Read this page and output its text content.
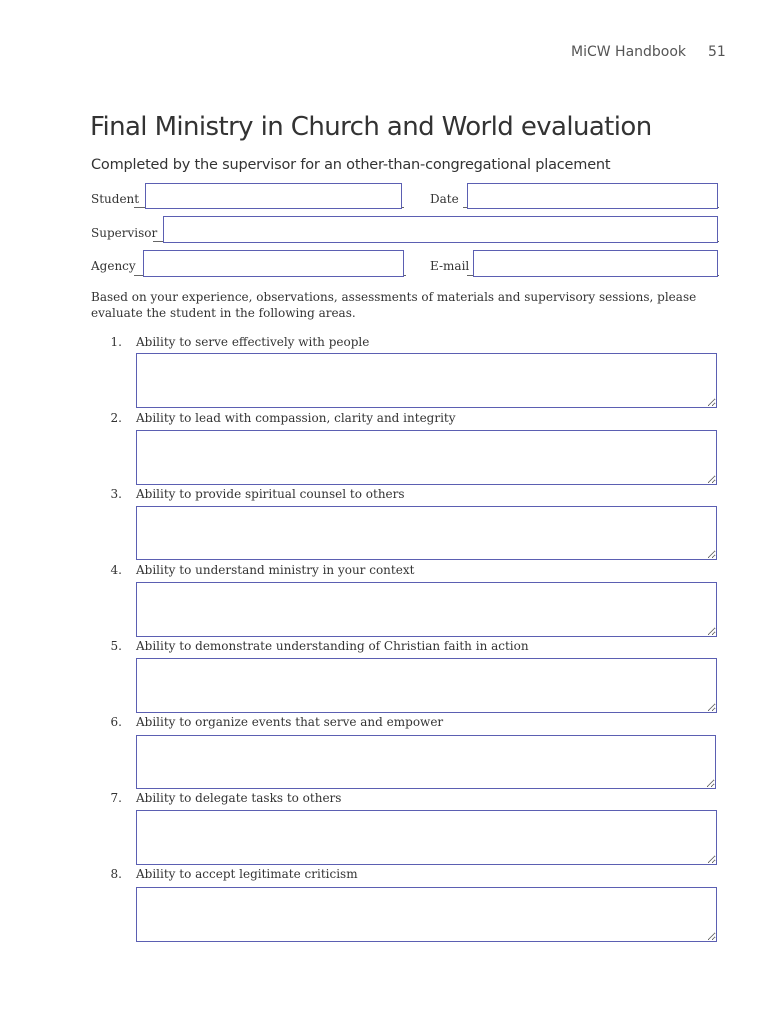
MiCW Handbook 51
Final Ministry in Church and World evaluation
Completed by the supervisor for an other-than-congregational placement
Student	Date
Supervisor
Agency	E-mail
Based on your experience, observations, assessments of materials and supervisory sessions, please evaluate the student in the following areas.
1. Ability to serve effectively with people
2. Ability to lead with compassion, clarity and integrity
3. Ability to provide spiritual counsel to others
4. Ability to understand ministry in your context
5. Ability to demonstrate understanding of Christian faith in action
6. Ability to organize events that serve and empower
7. Ability to delegate tasks to others
8. Ability to accept legitimate criticism
